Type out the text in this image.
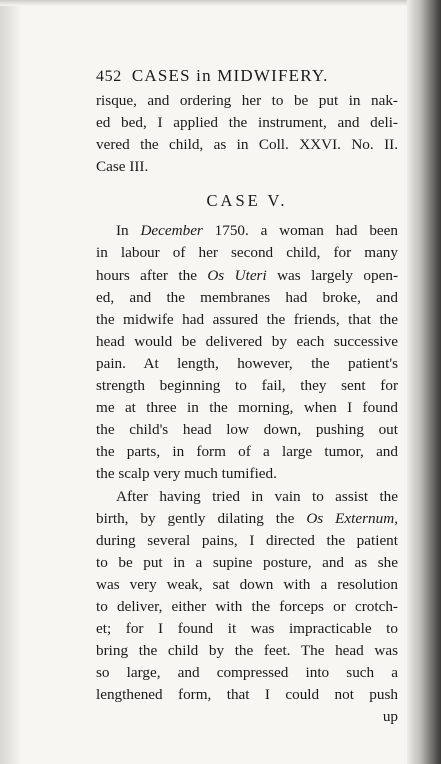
452 CASES in MIDWIFERY.
risque, and ordering her to be put in nak-
ed bed, I applied the instrument, and deli-
vered the child, as in Coll. XXVI. No. II.
Case III.
CASE V.
In December 1750. a woman had been
in labour of her second child, for many
hours after the Os Uteri was largely open-
ed, and the membranes had broke, and
the midwife had assured the friends, that the
head would be delivered by each successive
pain. At length, however, the patient's
strength beginning to fail, they sent for
me at three in the morning, when I found
the child's head low down, pushing out
the parts, in form of a large tumor, and
the scalp very much tumified.
After having tried in vain to assist the
birth, by gently dilating the Os Externum,
during several pains, I directed the patient
to be put in a supine posture, and as she
was very weak, sat down with a resolution
to deliver, either with the forceps or crotch-
et; for I found it was impracticable to
bring the child by the feet. The head was
so large, and compressed into such a
lengthened form, that I could not push
up
